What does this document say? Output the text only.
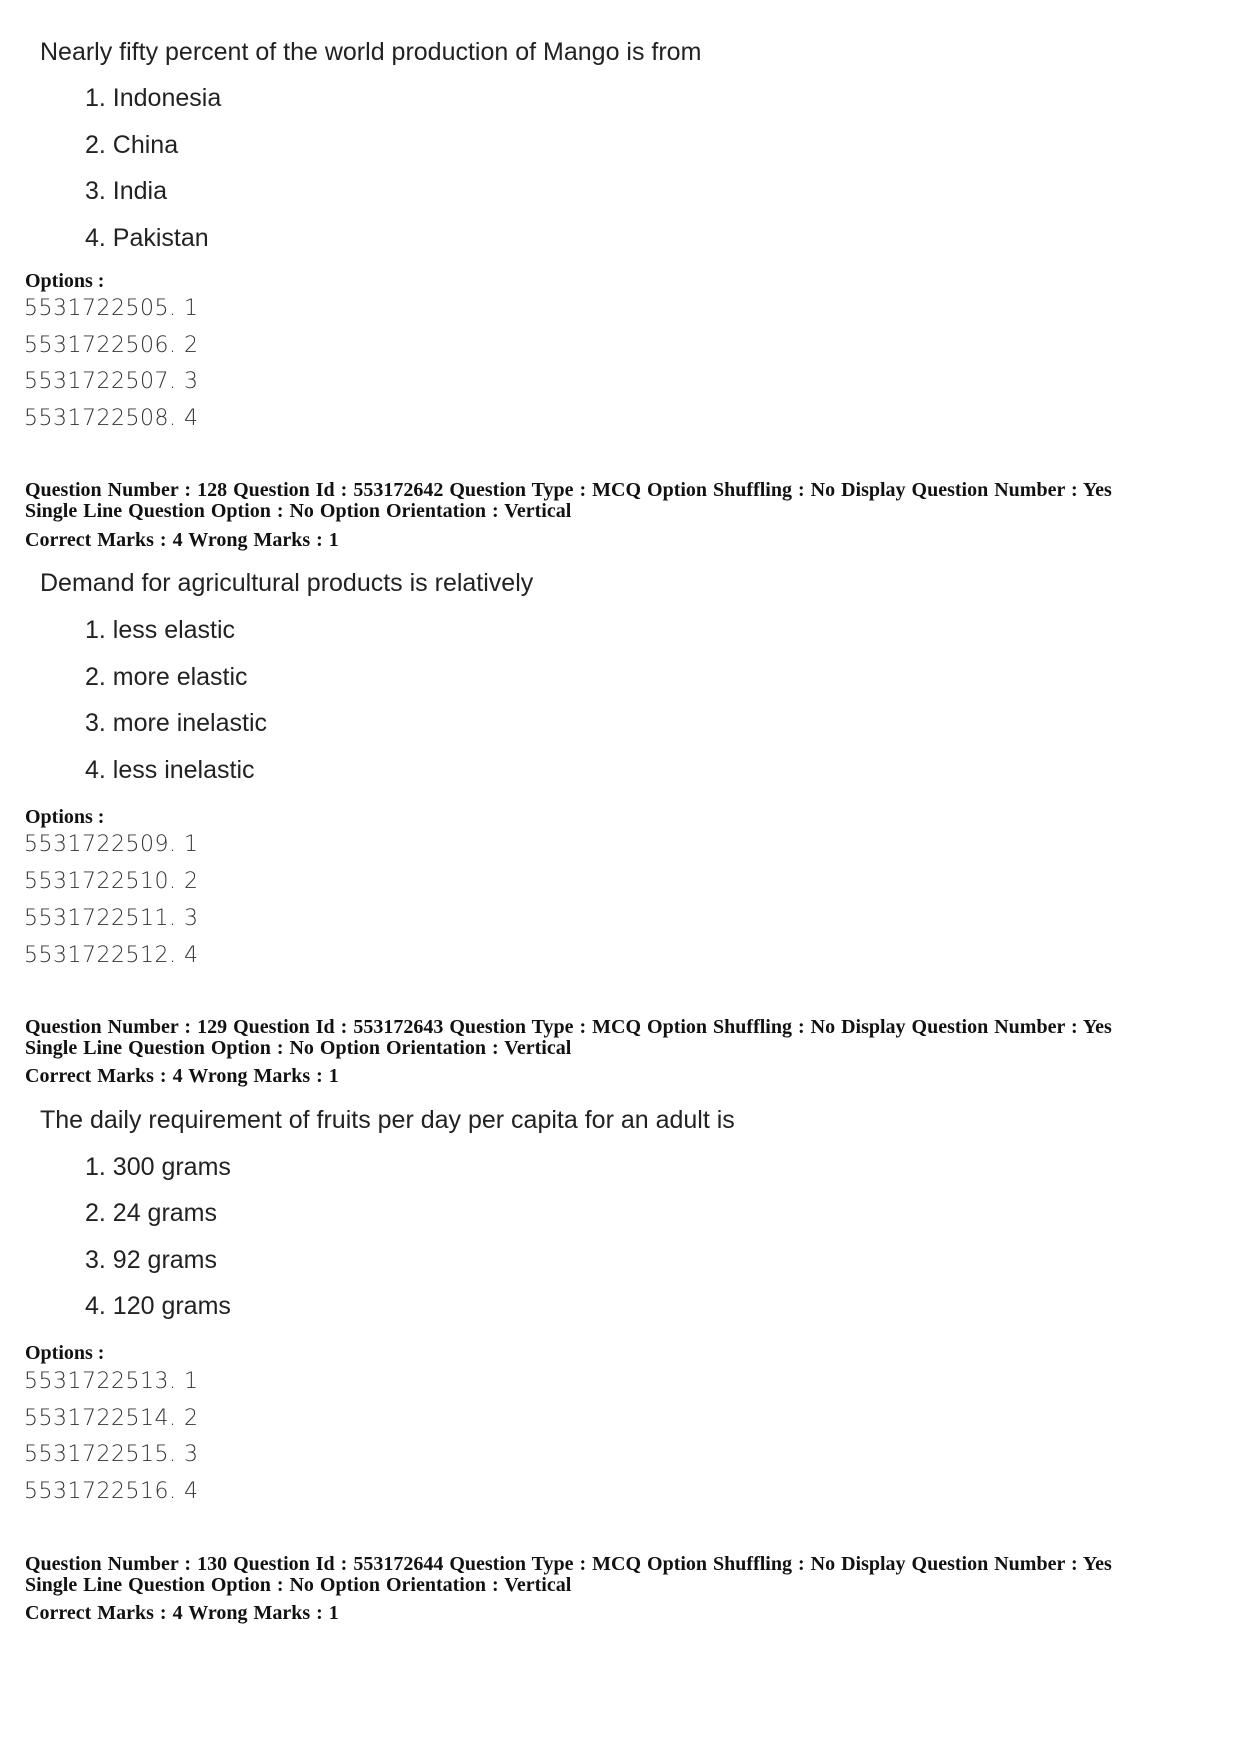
Nearly fifty percent of the world production of Mango is from
1. Indonesia
2. China
3. India
4. Pakistan
Options :
5531722505. 1
5531722506. 2
5531722507. 3
5531722508. 4
Question Number : 128 Question Id : 553172642 Question Type : MCQ Option Shuffling : No Display Question Number : Yes
Single Line Question Option : No Option Orientation : Vertical
Correct Marks : 4 Wrong Marks : 1
Demand for agricultural products is relatively
1. less elastic
2. more elastic
3. more inelastic
4. less inelastic
Options :
5531722509. 1
5531722510. 2
5531722511. 3
5531722512. 4
Question Number : 129 Question Id : 553172643 Question Type : MCQ Option Shuffling : No Display Question Number : Yes
Single Line Question Option : No Option Orientation : Vertical
Correct Marks : 4 Wrong Marks : 1
The daily requirement of fruits per day per capita for an adult is
1. 300 grams
2. 24 grams
3. 92 grams
4. 120 grams
Options :
5531722513. 1
5531722514. 2
5531722515. 3
5531722516. 4
Question Number : 130 Question Id : 553172644 Question Type : MCQ Option Shuffling : No Display Question Number : Yes
Single Line Question Option : No Option Orientation : Vertical
Correct Marks : 4 Wrong Marks : 1
